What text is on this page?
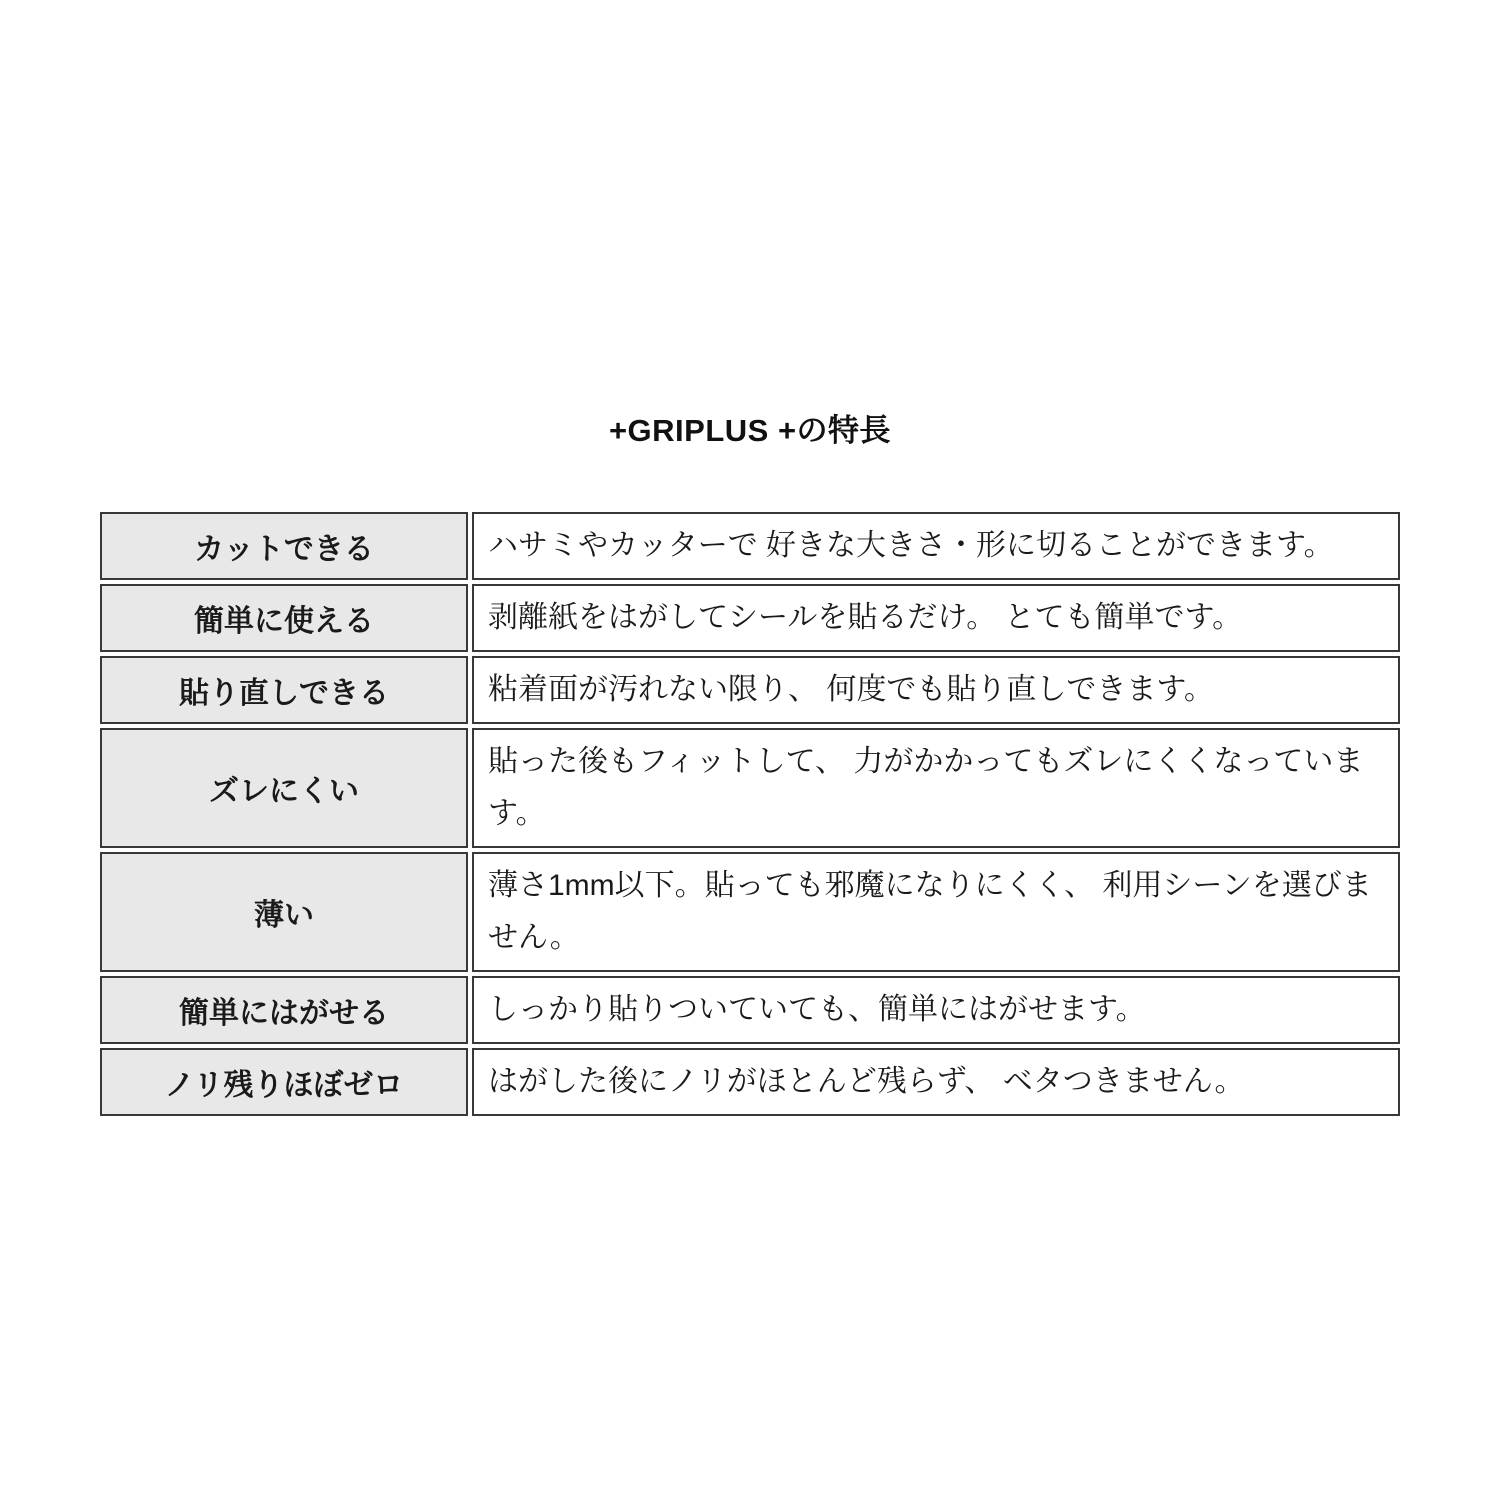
+GRIPLUS +の特長
カットできる	ハサミやカッターで 好きな大きさ・形に切ることができます。
簡単に使える	剥離紙をはがしてシールを貼るだけ。 とても簡単です。
貼り直しできる	粘着面が汚れない限り、 何度でも貼り直しできます。
ズレにくい	貼った後もフィットして、 力がかかってもズレにくくなっています。
薄い	薄さ1mm以下。貼っても邪魔になりにくく、 利用シーンを選びません。
簡単にはがせる	しっかり貼りついていても、簡単にはがせます。
ノリ残りほぼゼロ	はがした後にノリがほとんど残らず、 ベタつきません。
